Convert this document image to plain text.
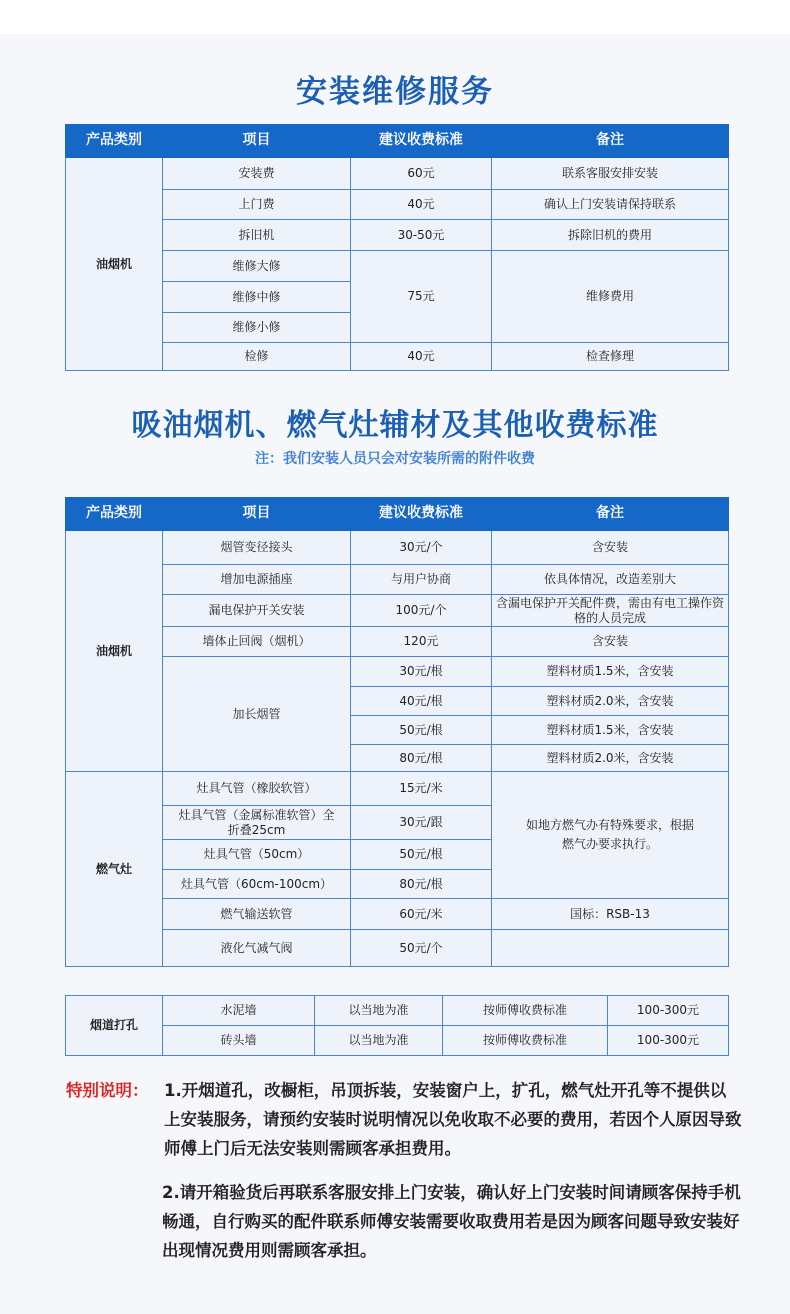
安装维修服务
产品类别	项目	建议收费标准	备注
油烟机	安装费	60元	联系客服安排安装
	上门费	40元	确认上门安装请保持联系
	拆旧机	30-50元	拆除旧机的费用
	维修大修	75元	维修费用
	维修中修		
	维修小修		
	检修	40元	检查修理
吸油烟机、燃气灶辅材及其他收费标准

注：我们安装人员只会对安装所需的附件收费

产品类别	项目	建议收费标准	备注
油烟机	烟管变径接头	30元/个	含安装
	增加电源插座	与用户协商	依具体情况，改造差别大
	漏电保护开关安装	100元/个	含漏电保护开关配件费，需由有电工操作资格的人员完成
	墙体止回阀（烟机）	120元	含安装
	加长烟管	30元/根	塑料材质1.5米，含安装
		40元/根	塑料材质2.0米，含安装
		50元/根	塑料材质1.5米，含安装
		80元/根	塑料材质2.0米，含安装
燃气灶	灶具气管（橡胶软管）	15元/米	如地方燃气办有特殊要求，根据燃气办要求执行。
	灶具气管（金属标准软管）全折叠25cm	30元/跟	
	灶具气管（50cm）	50元/根	
	灶具气管（60cm-100cm）	80元/根	
	燃气输送软管	60元/米	国标：RSB-13
	液化气减气阀	50元/个	
烟道打孔	水泥墙	以当地为准	按师傅收费标准	100-300元
	砖头墙	以当地为准	按师傅收费标准	100-300元
特别说明： 1.开烟道孔，改橱柜，吊顶拆装，安装窗户上，扩孔，燃气灶开孔等不提供以上安装服务，请预约安装时说明情况以免收取不必要的费用，若因个人原因导致师傅上门后无法安装则需顾客承担费用。
2.请开箱验货后再联系客服安排上门安装，确认好上门安装时间请顾客保持手机畅通，自行购买的配件联系师傅安装需要收取费用若是因为顾客问题导致安装好出现情况费用则需顾客承担。
